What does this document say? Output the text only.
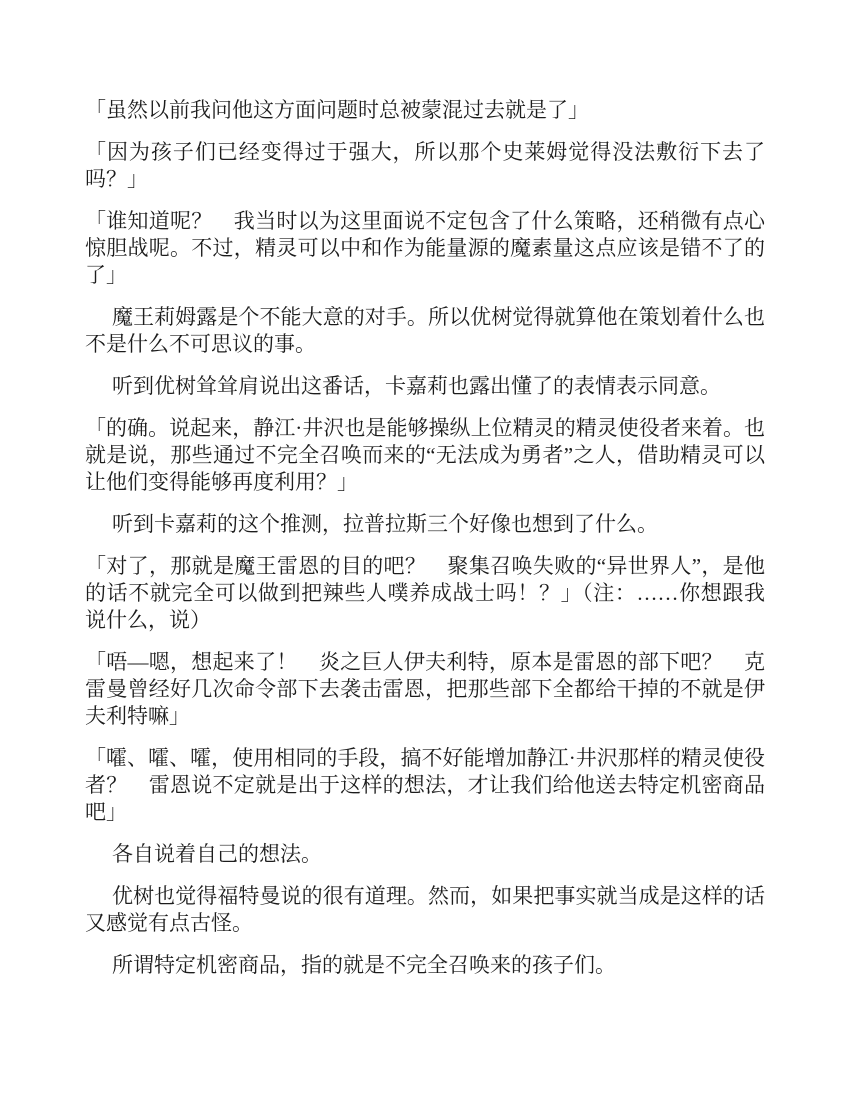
「虽然以前我问他这方面问题时总被蒙混过去就是了」

「因为孩子们已经变得过于强大，所以那个史莱姆觉得没法敷衍下去了吗？」

「谁知道呢？　我当时以为这里面说不定包含了什么策略，还稍微有点心惊胆战呢。不过，精灵可以中和作为能量源的魔素量这点应该是错不了的了」

魔王莉姆露是个不能大意的对手。所以优树觉得就算他在策划着什么也不是什么不可思议的事。

听到优树耸耸肩说出这番话，卡嘉莉也露出懂了的表情表示同意。

「的确。说起来，静江·井沢也是能够操纵上位精灵的精灵使役者来着。也就是说，那些通过不完全召唤而来的“无法成为勇者”之人，借助精灵可以让他们变得能够再度利用？」

听到卡嘉莉的这个推测，拉普拉斯三个好像也想到了什么。

「对了，那就是魔王雷恩的目的吧？　聚集召唤失败的“异世界人”，是他的话不就完全可以做到把辣些人噗养成战士吗！？」（注：……你想跟我说什么，说）

「唔—嗯，想起来了！　炎之巨人伊夫利特，原本是雷恩的部下吧？　克雷曼曾经好几次命令部下去袭击雷恩，把那些部下全都给干掉的不就是伊夫利特嘛」

「嚯、嚯、嚯，使用相同的手段，搞不好能增加静江·井沢那样的精灵使役者？　雷恩说不定就是出于这样的想法，才让我们给他送去特定机密商品吧」

各自说着自己的想法。

优树也觉得福特曼说的很有道理。然而，如果把事实就当成是这样的话又感觉有点古怪。

所谓特定机密商品，指的就是不完全召唤来的孩子们。
